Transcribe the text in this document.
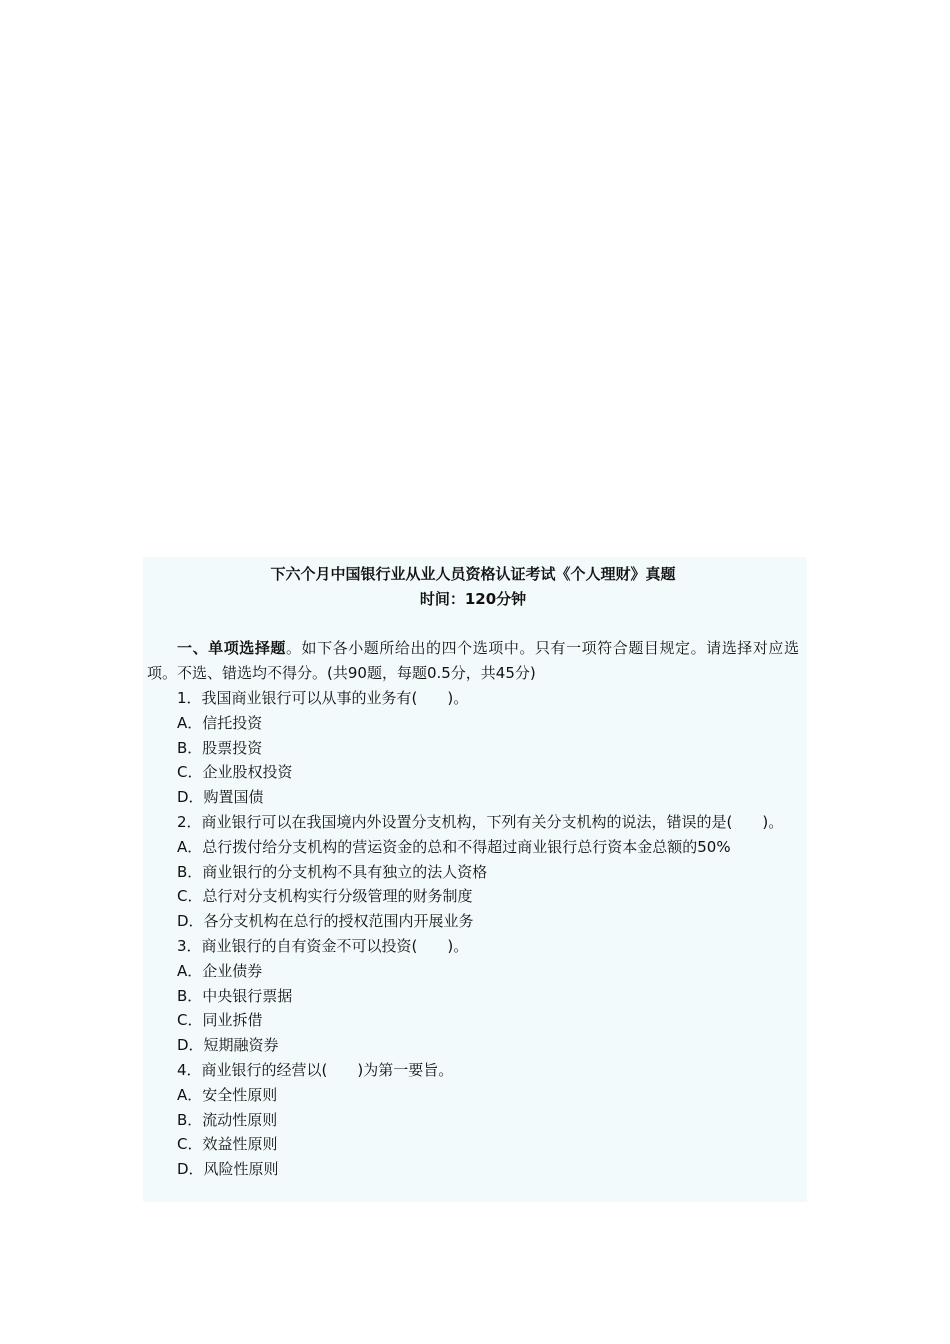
下六个月中国银行业从业人员资格认证考试《个人理财》真题
时间：120分钟
一、单项选择题。如下各小题所给出的四个选项中。只有一项符合题目规定。请选择对应选项。不选、错选均不得分。(共90题，每题0.5分，共45分)
1．我国商业银行可以从事的业务有(　　)。
A．信托投资
B．股票投资
C．企业股权投资
D．购置国债
2．商业银行可以在我国境内外设置分支机构，下列有关分支机构的说法，错误的是(　　)。
A．总行拨付给分支机构的营运资金的总和不得超过商业银行总行资本金总额的50%
B．商业银行的分支机构不具有独立的法人资格
C．总行对分支机构实行分级管理的财务制度
D．各分支机构在总行的授权范围内开展业务
3．商业银行的自有资金不可以投资(　　)。
A．企业债券
B．中央银行票据
C．同业拆借
D．短期融资券
4．商业银行的经营以(　　)为第一要旨。
A．安全性原则
B．流动性原则
C．效益性原则
D．风险性原则
